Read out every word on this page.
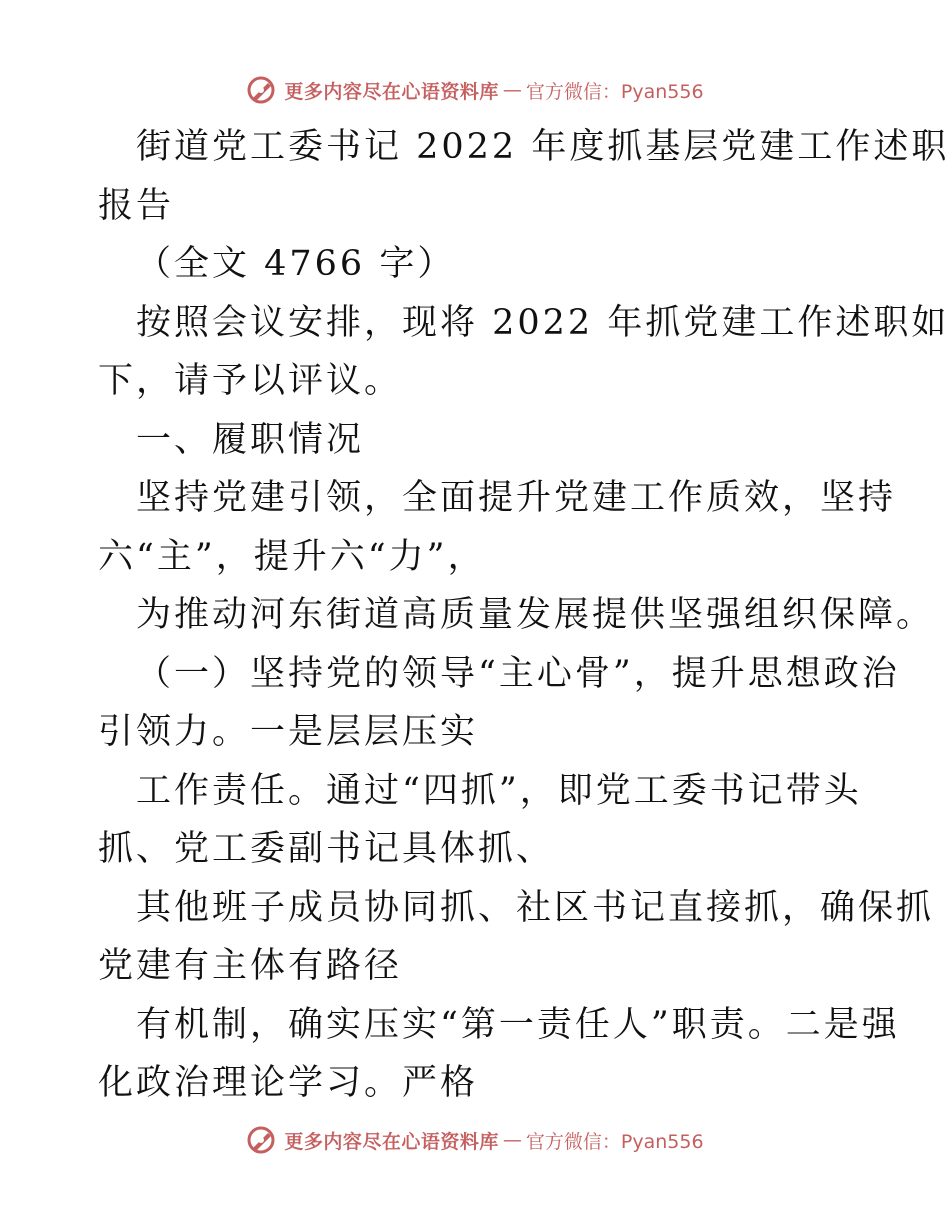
更多内容尽在心语资料库 — 官方微信：Pyan556
街道党工委书记 2022 年度抓基层党建工作述职
报告
（全文 4766 字）
按照会议安排，现将 2022 年抓党建工作述职如
下，请予以评议。
一、履职情况
坚持党建引领，全面提升党建工作质效，坚持
六“主”，提升六“力”，
为推动河东街道高质量发展提供坚强组织保障。
（一）坚持党的领导“主心骨”，提升思想政治
引领力。一是层层压实
工作责任。通过“四抓”，即党工委书记带头
抓、党工委副书记具体抓、
其他班子成员协同抓、社区书记直接抓，确保抓
党建有主体有路径
有机制，确实压实“第一责任人”职责。二是强
化政治理论学习。严格
更多内容尽在心语资料库 — 官方微信：Pyan556
